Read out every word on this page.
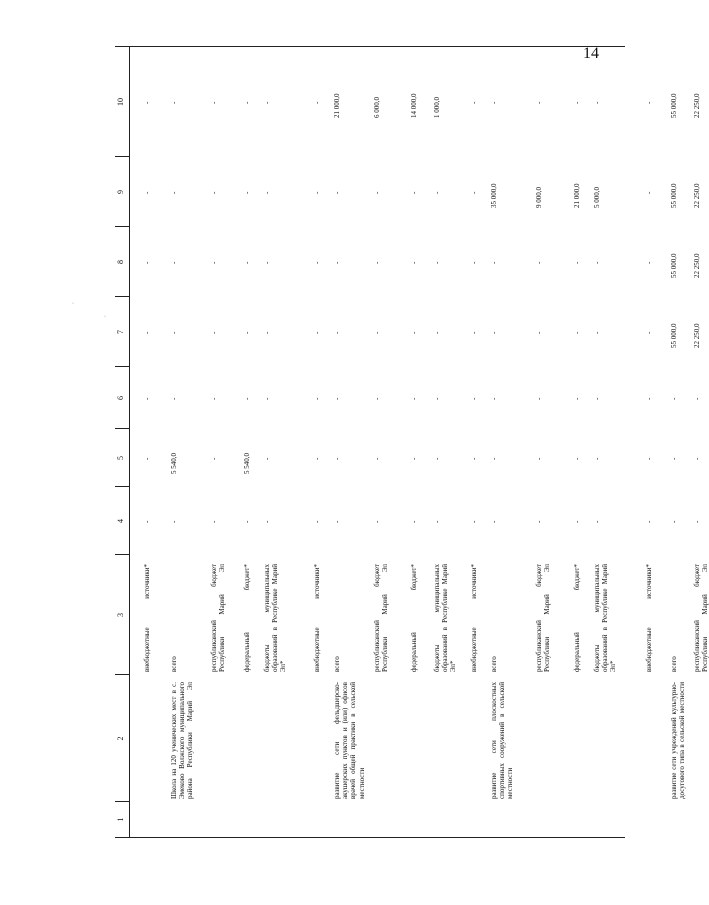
14
·
·
1
2
3
4
5
6
7
8
9
10
внебюджетные источники*
-
-
-
-
-
-
-
Школа на 120 ученических мест в с. Эмеково Волжского муниципального района Республики Марий Эл
всего
-
5 540,0
-
-
-
-
-
республиканский бюджет Республики Марий Эл
-
-
-
-
-
-
-
федеральный бюджет*
-
5 540,0
-
-
-
-
-
бюджеты муниципальных образований в Республике Марий Эл*
-
-
-
-
-
-
-
внебюджетные источники*
-
-
-
-
-
-
-
развитие сети фельдшерско-акушерских пунктов и (или) офисов врачей общей практики в сельской местности
всего
-
-
-
-
-
-
21 000,0
республиканский бюджет Республики Марий Эл
-
-
-
-
-
-
6 000,0
федеральный бюджет*
-
-
-
-
-
-
14 000,0
бюджеты муниципальных образований в Республике Марий Эл*
-
-
-
-
-
-
1 000,0
внебюджетные источники*
-
-
-
-
-
-
-
развитие сети плоскостных спортивных сооружений в сельской местности
всего
-
-
-
-
-
35 000,0
-
республиканский бюджет Республики Марий Эл
-
-
-
-
-
9 000,0
-
федеральный бюджет*
-
-
-
-
-
21 000,0
-
бюджеты муниципальных образований в Республике Марий Эл*
-
-
-
-
-
5 000,0
-
внебюджетные источники*
-
-
-
-
-
-
-
развитие сети учреждений культурно-досугового типа в сельской местности
всего
-
-
-
55 000,0
55 000,0
55 000,0
55 000,0
республиканский бюджет Республики Марий Эл
-
-
-
22 250,0
22 250,0
22 250,0
22 250,0
